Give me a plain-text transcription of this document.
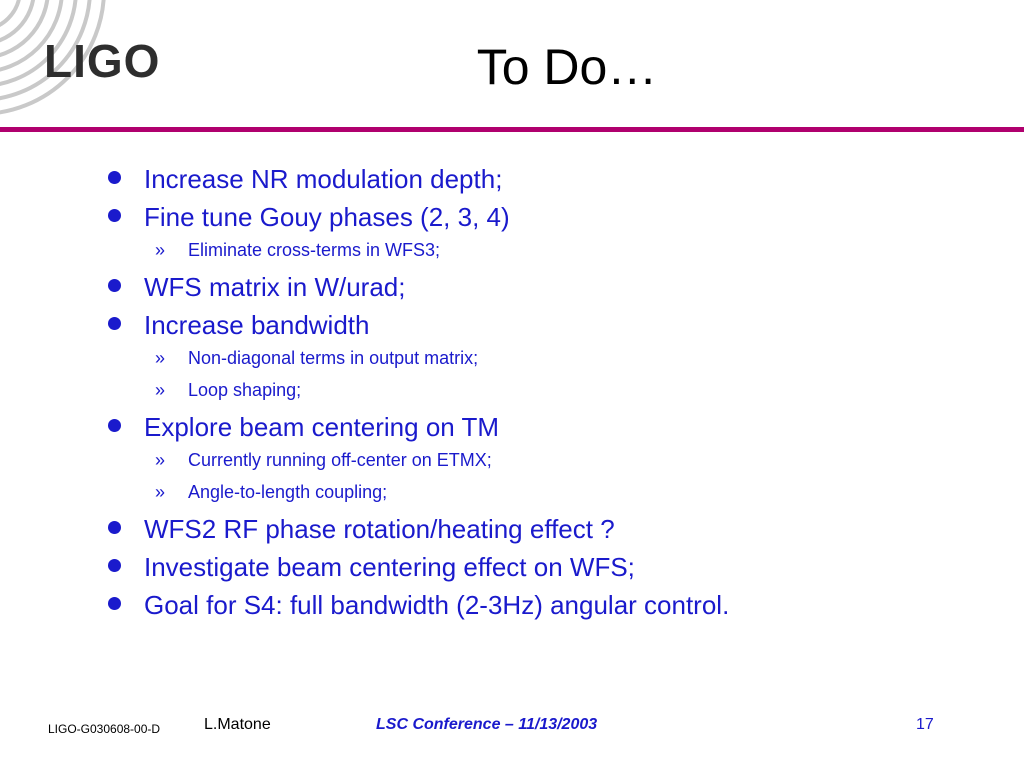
LIGO	To Do…
Increase NR modulation depth;
Fine tune Gouy phases (2, 3, 4)
» Eliminate cross-terms in WFS3;
WFS matrix in W/urad;
Increase bandwidth
» Non-diagonal terms in output matrix;
» Loop shaping;
Explore beam centering on TM
» Currently running off-center on ETMX;
» Angle-to-length coupling;
WFS2 RF phase rotation/heating effect ?
Investigate beam centering effect on WFS;
Goal for S4: full bandwidth (2-3Hz) angular control.
LIGO-G030608-00-D	L.Matone	LSC Conference – 11/13/2003	17
